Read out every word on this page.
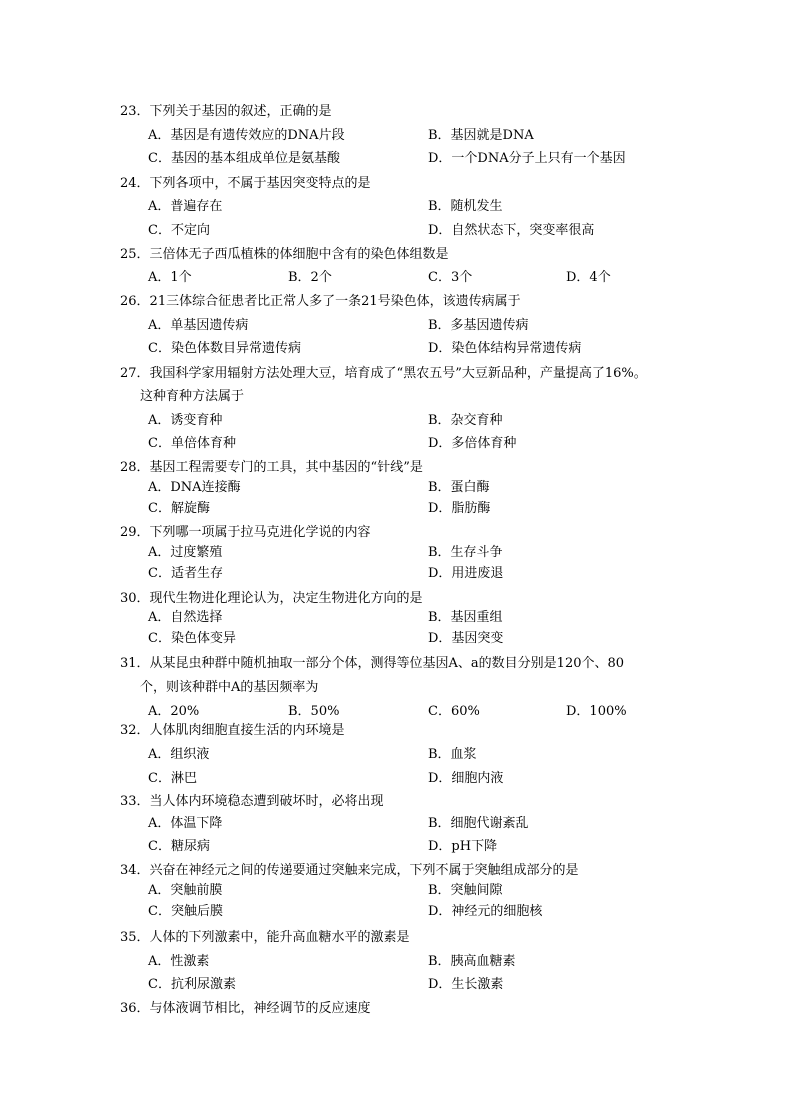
23．下列关于基因的叙述，正确的是
A．基因是有遗传效应的DNA片段	B．基因就是DNA
C．基因的基本组成单位是氨基酸	D．一个DNA分子上只有一个基因
24．下列各项中，不属于基因突变特点的是
A．普遍存在	B．随机发生
C．不定向	D．自然状态下，突变率很高
25．三倍体无子西瓜植株的体细胞中含有的染色体组数是
A．1个	B．2个	C．3个	D．4个
26．21三体综合征患者比正常人多了一条21号染色体，该遗传病属于
A．单基因遗传病	B．多基因遗传病
C．染色体数目异常遗传病	D．染色体结构异常遗传病
27．我国科学家用辐射方法处理大豆，培育成了“黑农五号”大豆新品种，产量提高了16%。
这种育种方法属于
A．诱变育种	B．杂交育种
C．单倍体育种	D．多倍体育种
28．基因工程需要专门的工具，其中基因的“针线”是
A．DNA连接酶	B．蛋白酶
C．解旋酶	D．脂肪酶
29．下列哪一项属于拉马克进化学说的内容
A．过度繁殖	B．生存斗争
C．适者生存	D．用进废退
30．现代生物进化理论认为，决定生物进化方向的是
A．自然选择	B．基因重组
C．染色体变异	D．基因突变
31．从某昆虫种群中随机抽取一部分个体，测得等位基因A、a的数目分别是120个、80
个，则该种群中A的基因频率为
A．20%	B．50%	C．60%	D．100%
32．人体肌肉细胞直接生活的内环境是
A．组织液	B．血浆
C．淋巴	D．细胞内液
33．当人体内环境稳态遭到破坏时，必将出现
A．体温下降	B．细胞代谢紊乱
C．糖尿病	D．pH下降
34．兴奋在神经元之间的传递要通过突触来完成，下列不属于突触组成部分的是
A．突触前膜	B．突触间隙
C．突触后膜	D．神经元的细胞核
35．人体的下列激素中，能升高血糖水平的激素是
A．性激素	B．胰高血糖素
C．抗利尿激素	D．生长激素
36．与体液调节相比，神经调节的反应速度
